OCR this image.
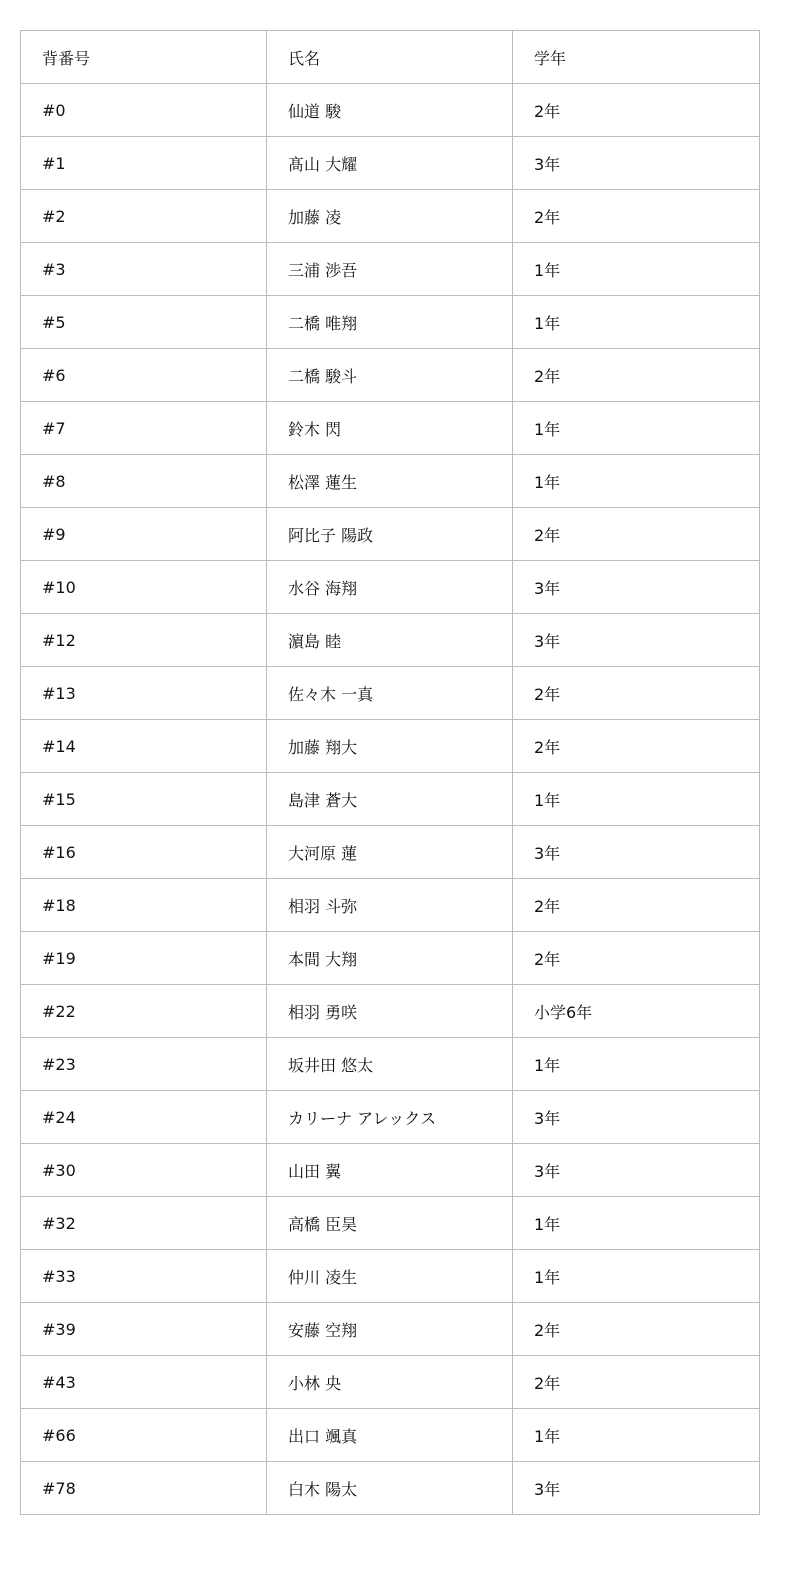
背番号	氏名	学年
#0	仙道 駿	2年
#1	髙山 大耀	3年
#2	加藤 凌	2年
#3	三浦 渉吾	1年
#5	二橋 唯翔	1年
#6	二橋 駿斗	2年
#7	鈴木 閃	1年
#8	松澤 蓮生	1年
#9	阿比子 陽政	2年
#10	水谷 海翔	3年
#12	濵島 睦	3年
#13	佐々木 一真	2年
#14	加藤 翔大	2年
#15	島津 蒼大	1年
#16	大河原 蓮	3年
#18	相羽 斗弥	2年
#19	本間 大翔	2年
#22	相羽 勇咲	小学6年
#23	坂井田 悠太	1年
#24	カリーナ アレックス	3年
#30	山田 翼	3年
#32	高橋 臣昊	1年
#33	仲川 凌生	1年
#39	安藤 空翔	2年
#43	小林 央	2年
#66	出口 颯真	1年
#78	白木 陽太	3年
